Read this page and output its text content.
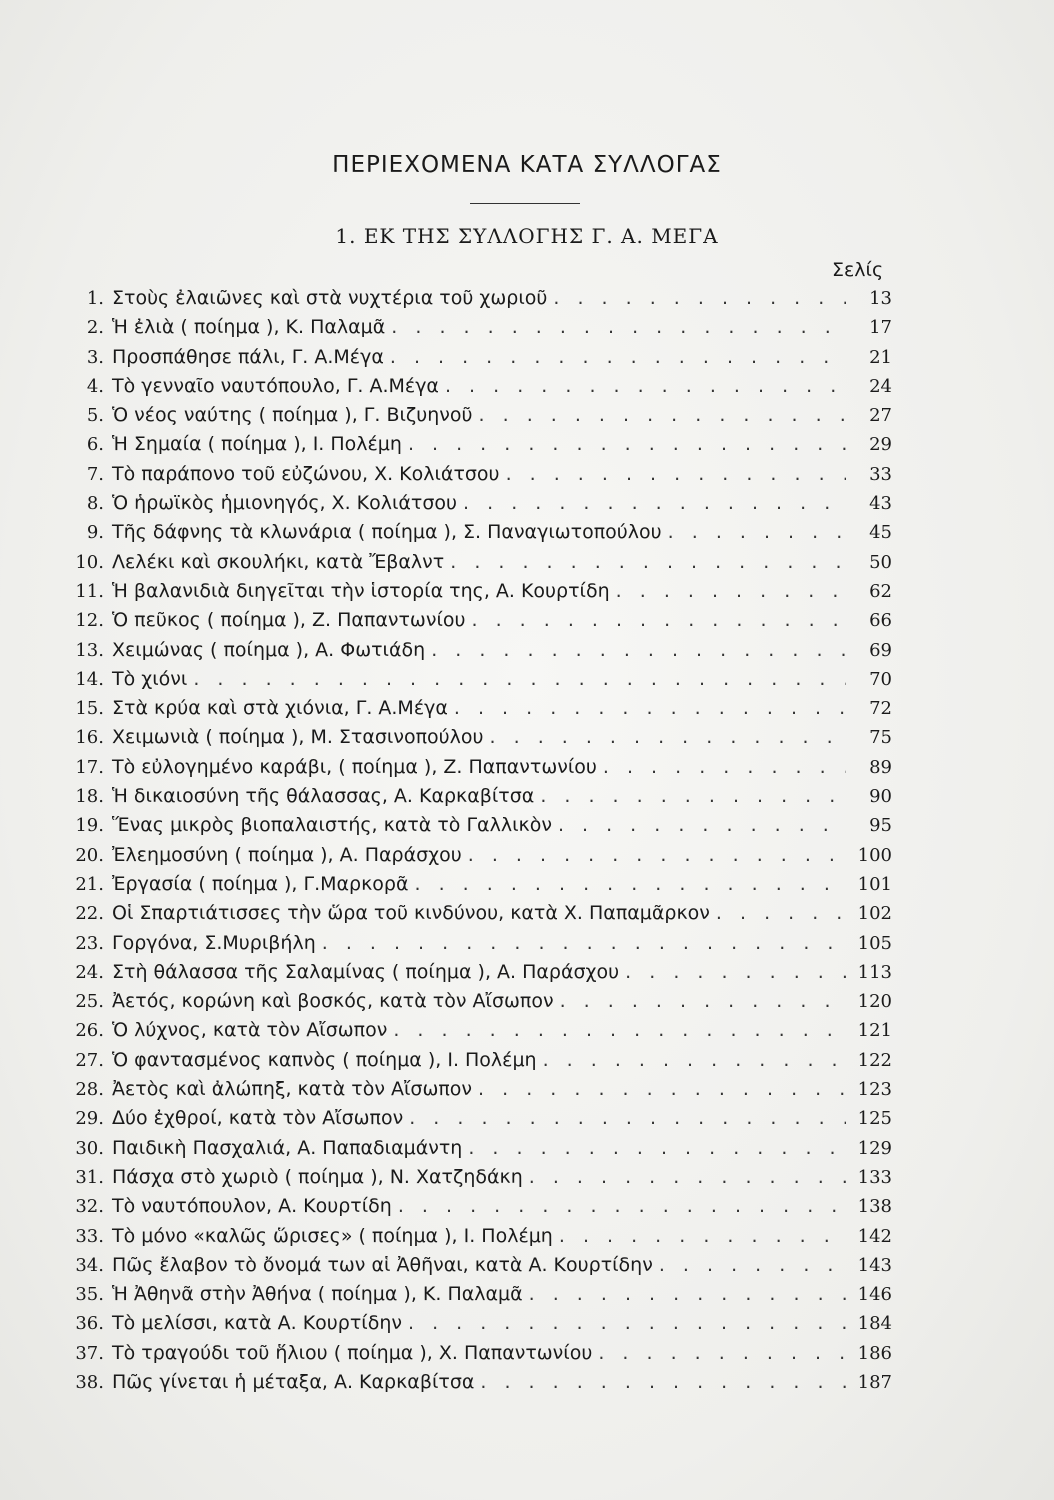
ΠΕΡΙΕΧΟΜΕΝΑ ΚΑΤΑ ΣΥΛΛΟΓΑΣ
1. ΕΚ ΤΗΣ ΣΥΛΛΟΓΗΣ Γ. Α. ΜΕΓΑ
Σελίς
1. Στοὺς ἐλαιῶνες καὶ στὰ νυχτέρια τοῦ χωριοῦ . . .	13
2. Ἡ ἐλιὰ ( ποίημα ), Κ. Παλαμᾶ . . .	17
3. Προσπάθησε πάλι, Γ. Α.Μέγα . . .	21
4. Τὸ γενναῖο ναυτόπουλο, Γ. Α.Μέγα . . .	24
5. Ὁ νέος ναύτης ( ποίημα ), Γ. Βιζυηνοῦ . . .	27
6. Ἡ Σημαία ( ποίημα ), Ι. Πολέμη . . .	29
7. Τὸ παράπονο τοῦ εὐζώνου, Χ. Κολιάτσου . . .	33
8. Ὁ ἡρωϊκὸς ἡμιονηγός, Χ. Κολιάτσου . . .	43
9. Τῆς δάφνης τὰ κλωνάρια ( ποίημα ), Σ. Παναγιωτοπούλου . . .	45
10. Λελέκι καὶ σκουλήκι, κατὰ Ἔβαλντ . . .	50
11. Ἡ βαλανιδιὰ διηγεῖται τὴν ἱστορία της, Α. Κουρτίδη . . .	62
12. Ὁ πεῦκος ( ποίημα ), Ζ. Παπαντωνίου . . .	66
13. Χειμώνας ( ποίημα ), Α. Φωτιάδη . . .	69
14. Τὸ χιόνι . . .	70
15. Στὰ κρύα καὶ στὰ χιόνια, Γ. Α.Μέγα . . .	72
16. Χειμωνιὰ ( ποίημα ), Μ. Στασινοπούλου . . .	75
17. Τὸ εὐλογημένο καράβι, ( ποίημα ), Ζ. Παπαντωνίου . . .	89
18. Ἡ δικαιοσύνη τῆς θάλασσας, Α. Καρκαβίτσα . . .	90
19. Ἕνας μικρὸς βιοπαλαιστής, κατὰ τὸ Γαλλικὸν . . .	95
20. Ἐλεημοσύνη ( ποίημα ), Α. Παράσχου . . .	100
21. Ἐργασία ( ποίημα ), Γ.Μαρκορᾶ . . .	101
22. Οἱ Σπαρτιάτισσες τὴν ὥρα τοῦ κινδύνου, κατὰ Χ. Παπαμᾶρκον . . .	102
23. Γοργόνα, Σ.Μυριβήλη . . .	105
24. Στὴ θάλασσα τῆς Σαλαμίνας ( ποίημα ), Α. Παράσχου . . .	113
25. Ἀετός, κορώνη καὶ βοσκός, κατὰ τὸν Αἴσωπον . . .	120
26. Ὁ λύχνος, κατὰ τὸν Αἴσωπον . . .	121
27. Ὁ φαντασμένος καπνὸς ( ποίημα ), Ι. Πολέμη . . .	122
28. Ἀετὸς καὶ ἀλώπηξ, κατὰ τὸν Αἴσωπον . . .	123
29. Δύο ἐχθροί, κατὰ τὸν Αἴσωπον . . .	125
30. Παιδικὴ Πασχαλιά, Α. Παπαδιαμάντη . . .	129
31. Πάσχα στὸ χωριὸ ( ποίημα ), Ν. Χατζηδάκη . . .	133
32. Τὸ ναυτόπουλον, Α. Κουρτίδη . . .	138
33. Τὸ μόνο «καλῶς ὥρισες» ( ποίημα ), Ι. Πολέμη . . .	142
34. Πῶς ἔλαβον τὸ ὄνομά των αἱ Ἀθῆναι, κατὰ Α. Κουρτίδην . . .	143
35. Ἡ Ἀθηνᾶ στὴν Ἀθήνα ( ποίημα ), Κ. Παλαμᾶ . . .	146
36. Τὸ μελίσσι, κατὰ Α. Κουρτίδην . . .	184
37. Τὸ τραγούδι τοῦ ἥλιου ( ποίημα ), Χ. Παπαντωνίου . . .	186
38. Πῶς γίνεται ἡ μέταξα, Α. Καρκαβίτσα . . .	187
